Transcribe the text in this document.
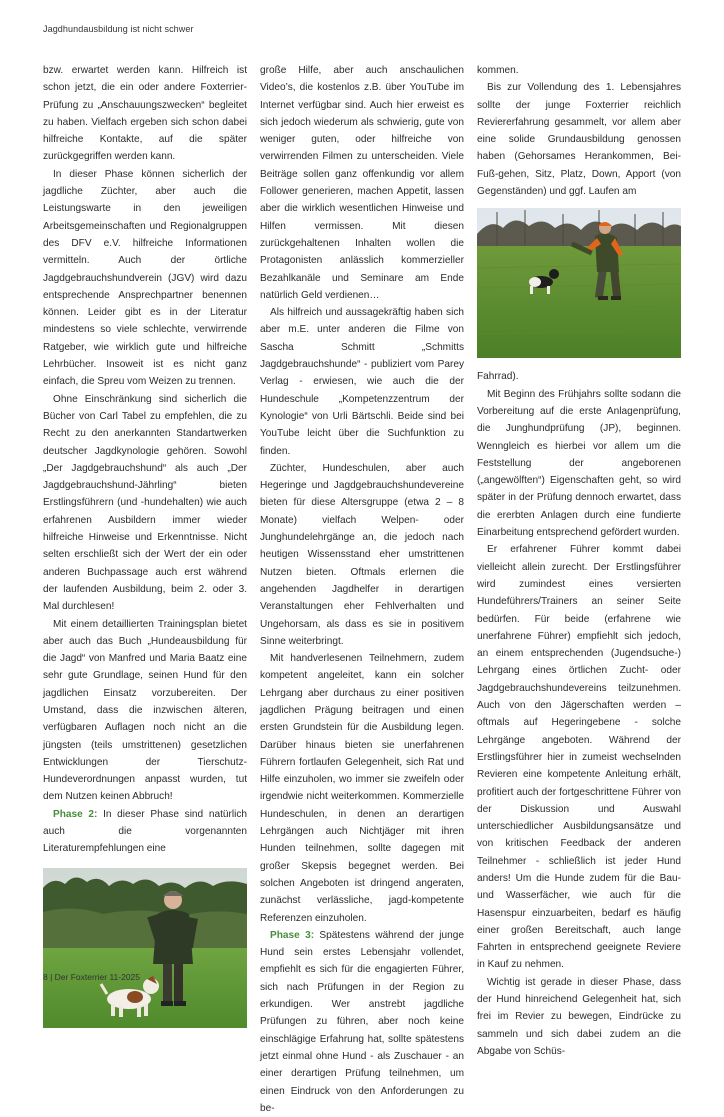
Jagdhundausbildung ist nicht schwer

bzw. erwartet werden kann. Hilfreich ist schon jetzt, die ein oder andere Foxterrier-Prüfung zu „Anschauungszwecken“ begleitet zu haben. Vielfach ergeben sich schon dabei hilfreiche Kontakte, auf die später zurückgegriffen werden kann.

In dieser Phase können sicherlich der jagdliche Züchter, aber auch die Leistungswarte in den jeweiligen Arbeitsgemeinschaften und Regionalgruppen des DFV e.V. hilfreiche Informationen vermitteln. Auch der örtliche Jagdgebrauchshundverein (JGV) wird dazu entsprechende Ansprechpartner benennen können. Leider gibt es in der Literatur mindestens so viele schlechte, verwirrende Ratgeber, wie wirklich gute und hilfreiche Lehrbücher. Insoweit ist es nicht ganz einfach, die Spreu vom Weizen zu trennen.

Ohne Einschränkung sind sicherlich die Bücher von Carl Tabel zu empfehlen, die zu Recht zu den anerkannten Standartwerken deutscher Jagdkynologie gehören. Sowohl „Der Jagdgebrauchshund“ als auch „Der Jagdgebrauchshund-Jährling“ bieten Erstlingsführern (und -hundehalten) wie auch erfahrenen Ausbildern immer wieder hilfreiche Hinweise und Erkenntnisse. Nicht selten erschließt sich der Wert der ein oder anderen Buchpassage auch erst während der laufenden Ausbildung, beim 2. oder 3. Mal durchlesen!

Mit einem detaillierten Trainingsplan bietet aber auch das Buch „Hundeausbildung für die Jagd“ von Manfred und Maria Baatz eine sehr gute Grundlage, seinen Hund für den jagdlichen Einsatz vorzubereiten. Der Umstand, dass die inzwischen älteren, verfügbaren Auflagen noch nicht an die jüngsten (teils umstrittenen) gesetzlichen Entwicklungen der Tierschutz-Hundeverordnungen anpasst wurden, tut dem Nutzen keinen Abbruch!

Phase 2: In dieser Phase sind natürlich auch die vorgenannten Literaturempfehlungen eine

große Hilfe, aber auch anschaulichen Video’s, die kostenlos z.B. über YouTube im Internet verfügbar sind. Auch hier erweist es sich jedoch wiederum als schwierig, gute von weniger guten, oder hilfreiche von verwirrenden Filmen zu unterscheiden. Viele Beiträge sollen ganz offenkundig vor allem Follower generieren, machen Appetit, lassen aber die wirklich wesentlichen Hinweise und Hilfen vermissen. Mit diesen zurückgehaltenen Inhalten wollen die Protagonisten anlässlich kommerzieller Bezahlkanäle und Seminare am Ende natürlich Geld verdienen…

Als hilfreich und aussagekräftig haben sich aber m.E. unter anderen die Filme von Sascha Schmitt „Schmitts Jagdgebrauchshunde“ - publiziert vom Parey Verlag - erwiesen, wie auch die der Hundeschule „Kompetenzzentrum der Kynologie“ von Urli Bärtschli. Beide sind bei YouTube leicht über die Suchfunktion zu finden.

Züchter, Hundeschulen, aber auch Hegeringe und Jagdgebrauchshundevereine bieten für diese Altersgruppe (etwa 2 – 8 Monate) vielfach Welpen- oder Junghundelehrgänge an, die jedoch nach heutigen Wissensstand eher umstrittenen Nutzen bieten. Oftmals erlernen die angehenden Jagdhelfer in derartigen Veranstaltungen eher Fehlverhalten und Ungehorsam, als dass es sie in positivem Sinne weiterbringt.

Mit handverlesenen Teilnehmern, zudem kompetent angeleitet, kann ein solcher Lehrgang aber durchaus zu einer positiven jagdlichen Prägung beitragen und einen ersten Grundstein für die Ausbildung legen. Darüber hinaus bieten sie unerfahrenen Führern fortlaufen Gelegenheit, sich Rat und Hilfe einzuholen, wo immer sie zweifeln oder irgendwie nicht weiterkommen. Kommerzielle Hundeschulen, in denen an derartigen Lehrgängen auch Nichtjäger mit ihren Hunden teilnehmen, sollte dagegen mit großer Skepsis begegnet werden. Bei solchen Angeboten ist dringend angeraten, zunächst verlässliche, jagd-kompetente Referenzen einzuholen.

Phase 3: Spätestens während der junge Hund sein erstes Lebensjahr vollendet, empfiehlt es sich für die engagierten Führer, sich nach Prüfungen in der Region zu erkundigen. Wer anstrebt jagdliche Prüfungen zu führen, aber noch keine einschlägige Erfahrung hat, sollte spätestens jetzt einmal ohne Hund - als Zuschauer - an einer derartigen Prüfung teilnehmen, um einen Eindruck von den Anforderungen zu be-

kommen.

Bis zur Vollendung des 1. Lebensjahres sollte der junge Foxterrier reichlich Reviererfahrung gesammelt, vor allem aber eine solide Grundausbildung genossen haben (Gehorsames Herankommen, Bei-Fuß-gehen, Sitz, Platz, Down, Apport (von Gegenständen) und ggf. Laufen am

Fahrrad).

Mit Beginn des Frühjahrs sollte sodann die Vorbereitung auf die erste Anlagenprüfung, die Junghundprüfung (JP), beginnen. Wenngleich es hierbei vor allem um die Feststellung der angeborenen („angewölften“) Eigenschaften geht, so wird später in der Prüfung dennoch erwartet, dass die ererbten Anlagen durch eine fundierte Einarbeitung entsprechend gefördert wurden.

Er erfahrener Führer kommt dabei vielleicht allein zurecht. Der Erstlingsführer wird zumindest eines versierten Hundeführers/Trainers an seiner Seite bedürfen. Für beide (erfahrene wie unerfahrene Führer) empfiehlt sich jedoch, an einem entsprechenden (Jugendsuche-) Lehrgang eines örtlichen Zucht- oder Jagdgebrauchshundevereins teilzunehmen. Auch von den Jägerschaften werden – oftmals auf Hegeringebene - solche Lehrgänge angeboten. Während der Erstlingsführer hier in zumeist wechselnden Revieren eine kompetente Anleitung erhält, profitiert auch der fortgeschrittene Führer von der Diskussion und Auswahl unterschiedlicher Ausbildungsansätze und von kritischen Feedback der anderen Teilnehmer - schließlich ist jeder Hund anders! Um die Hunde zudem für die Bau- und Wasserfächer, wie auch für die Hasenspur einzuarbeiten, bedarf es häufig einer großen Bereitschaft, auch lange Fahrten in entsprechend geeignete Reviere in Kauf zu nehmen.

Wichtig ist gerade in dieser Phase, dass der Hund hinreichend Gelegenheit hat, sich frei im Revier zu bewegen, Eindrücke zu sammeln und sich dabei zudem an die Abgabe von Schüs-

8 | Der Foxterrier 11-2025
